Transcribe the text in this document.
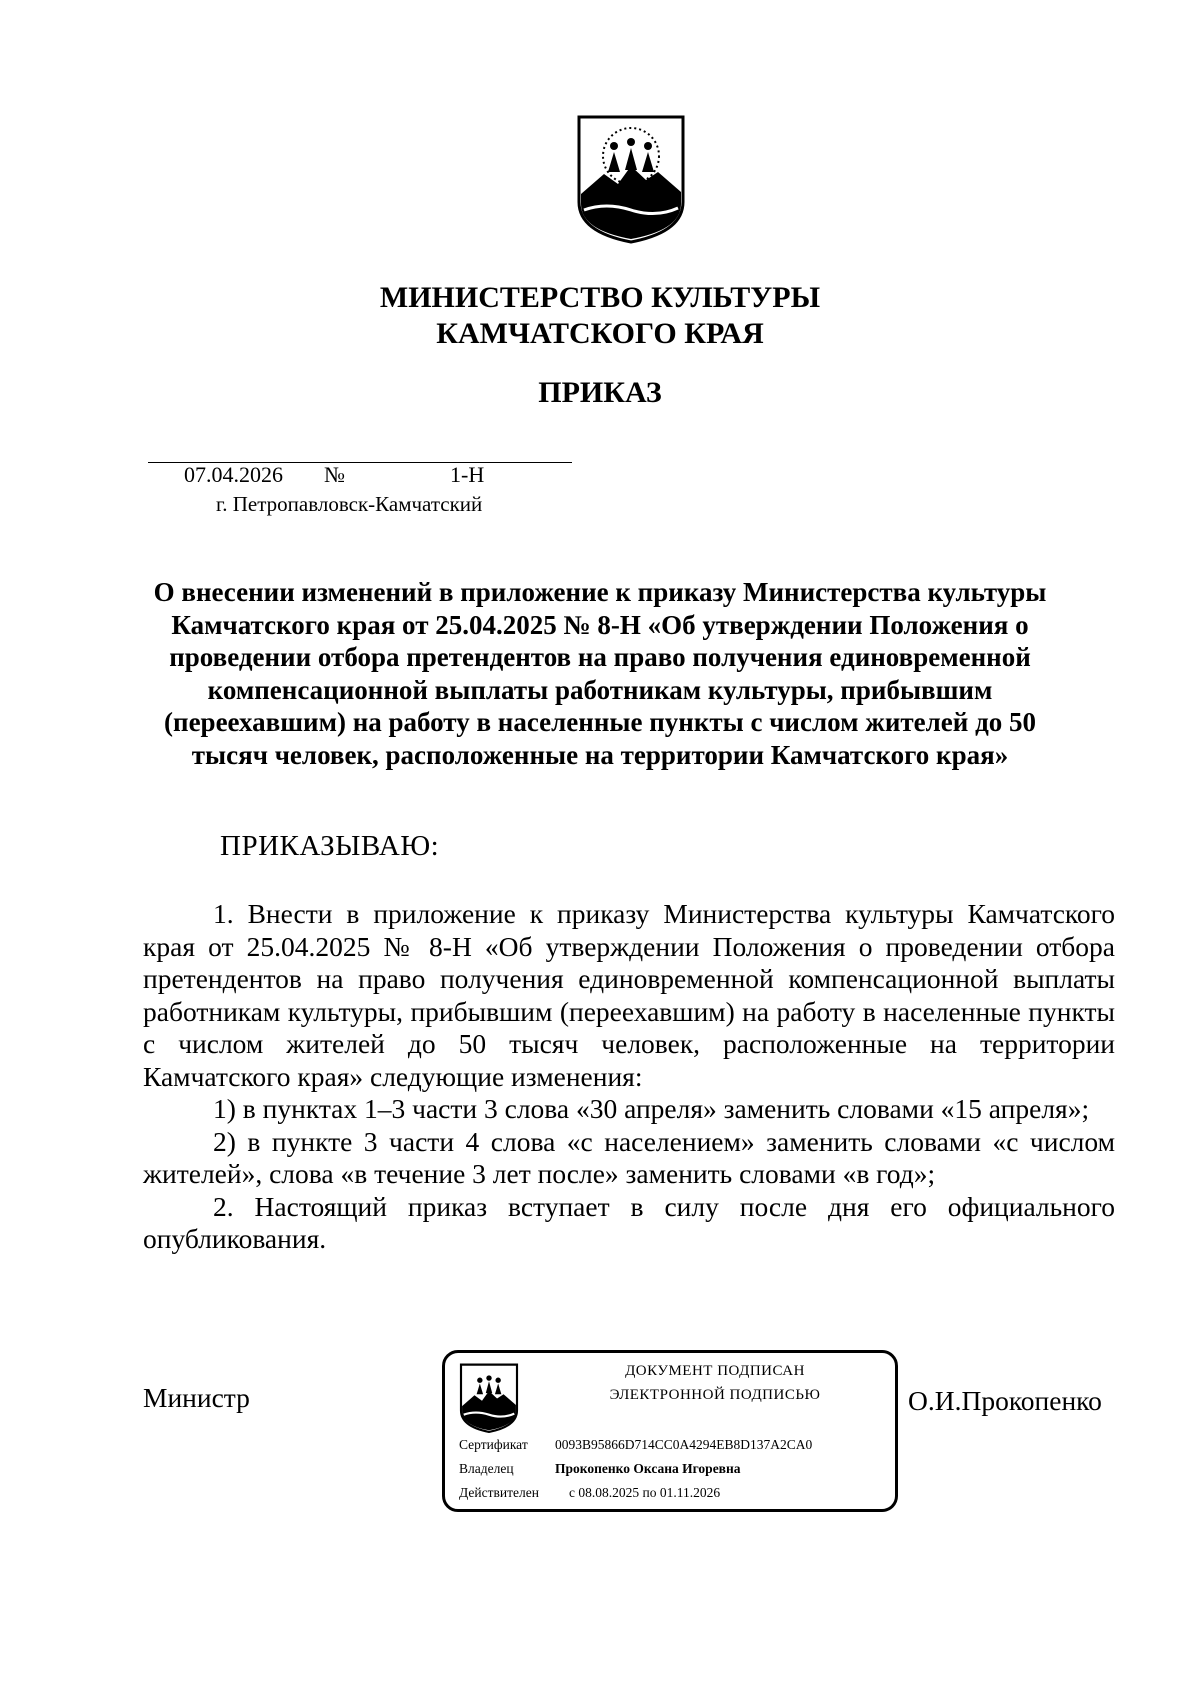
МИНИСТЕРСТВО КУЛЬТУРЫ
КАМЧАТСКОГО КРАЯ
ПРИКАЗ
07.04.2026 №	1-Н
г. Петропавловск-Камчатский
О внесении изменений в приложение к приказу Министерства культуры Камчатского края от 25.04.2025 № 8-Н «Об утверждении Положения о проведении отбора претендентов на право получения единовременной компенсационной выплаты работникам культуры, прибывшим (переехавшим) на работу в населенные пункты с числом жителей до 50 тысяч человек, расположенные на территории Камчатского края»
ПРИКАЗЫВАЮ:

1. Внести в приложение к приказу Министерства культуры Камчатского края от 25.04.2025 № 8-Н «Об утверждении Положения о проведении отбора претендентов на право получения единовременной компенсационной выплаты работникам культуры, прибывшим (переехавшим) на работу в населенные пункты с числом жителей до 50 тысяч человек, расположенные на территории Камчатского края» следующие изменения:

1) в пунктах 1–3 части 3 слова «30 апреля» заменить словами «15 апреля»;

2) в пункте 3 части 4 слова «с населением» заменить словами «с числом жителей», слова «в течение 3 лет после» заменить словами «в год»;

2. Настоящий приказ вступает в силу после дня его официального опубликования.

Министр	О.И.Прокопенко
ДОКУМЕНТ ПОДПИСАН
ЭЛЕКТРОННОЙ ПОДПИСЬЮ
Сертификат 0093B95866D714CC0A4294EB8D137A2CA0
Владелец	Прокопенко Оксана Игоревна
Действителен с 08.08.2025 по 01.11.2026
